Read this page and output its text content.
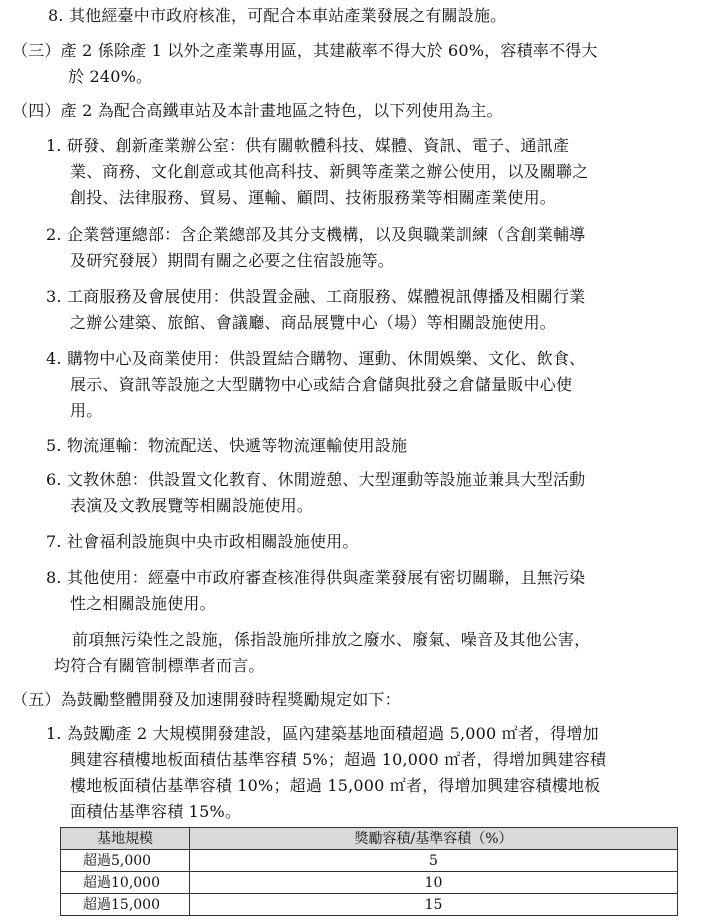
8. 其他經臺中市政府核准，可配合本車站產業發展之有關設施。
（三）產 2 係除產 1 以外之產業專用區，其建蔽率不得大於 60%，容積率不得大
於 240%。
（四）產 2 為配合高鐵車站及本計畫地區之特色，以下列使用為主。
1. 研發、創新產業辦公室：供有關軟體科技、媒體、資訊、電子、通訊產
業、商務、文化創意或其他高科技、新興等產業之辦公使用，以及關聯之
創投、法律服務、貿易、運輸、顧問、技術服務業等相關產業使用。
2. 企業營運總部：含企業總部及其分支機構，以及與職業訓練（含創業輔導
及研究發展）期間有關之必要之住宿設施等。
3. 工商服務及會展使用：供設置金融、工商服務、媒體視訊傳播及相關行業
之辦公建築、旅館、會議廳、商品展覽中心（場）等相關設施使用。
4. 購物中心及商業使用：供設置結合購物、運動、休閒娛樂、文化、飲食、
展示、資訊等設施之大型購物中心或結合倉儲與批發之倉儲量販中心使
用。
5. 物流運輸：物流配送、快遞等物流運輸使用設施
6. 文教休憩：供設置文化教育、休閒遊憩、大型運動等設施並兼具大型活動
表演及文教展覽等相關設施使用。
7. 社會福利設施與中央市政相關設施使用。
8. 其他使用：經臺中市政府審查核准得供與產業發展有密切關聯，且無污染
性之相關設施使用。
前項無污染性之設施，係指設施所排放之廢水、廢氣、噪音及其他公害，
均符合有關管制標準者而言。
（五）為鼓勵整體開發及加速開發時程獎勵規定如下：
1. 為鼓勵產 2 大規模開發建設，區內建築基地面積超過 5,000 ㎡者，得增加
興建容積樓地板面積估基準容積 5%；超過 10,000 ㎡者，得增加興建容積
樓地板面積估基準容積 10%；超過 15,000 ㎡者，得增加興建容積樓地板
面積估基準容積 15%。
基地規模	獎勵容積/基準容積（%）
超過5,000	5
超過10,000	10
超過15,000	15
